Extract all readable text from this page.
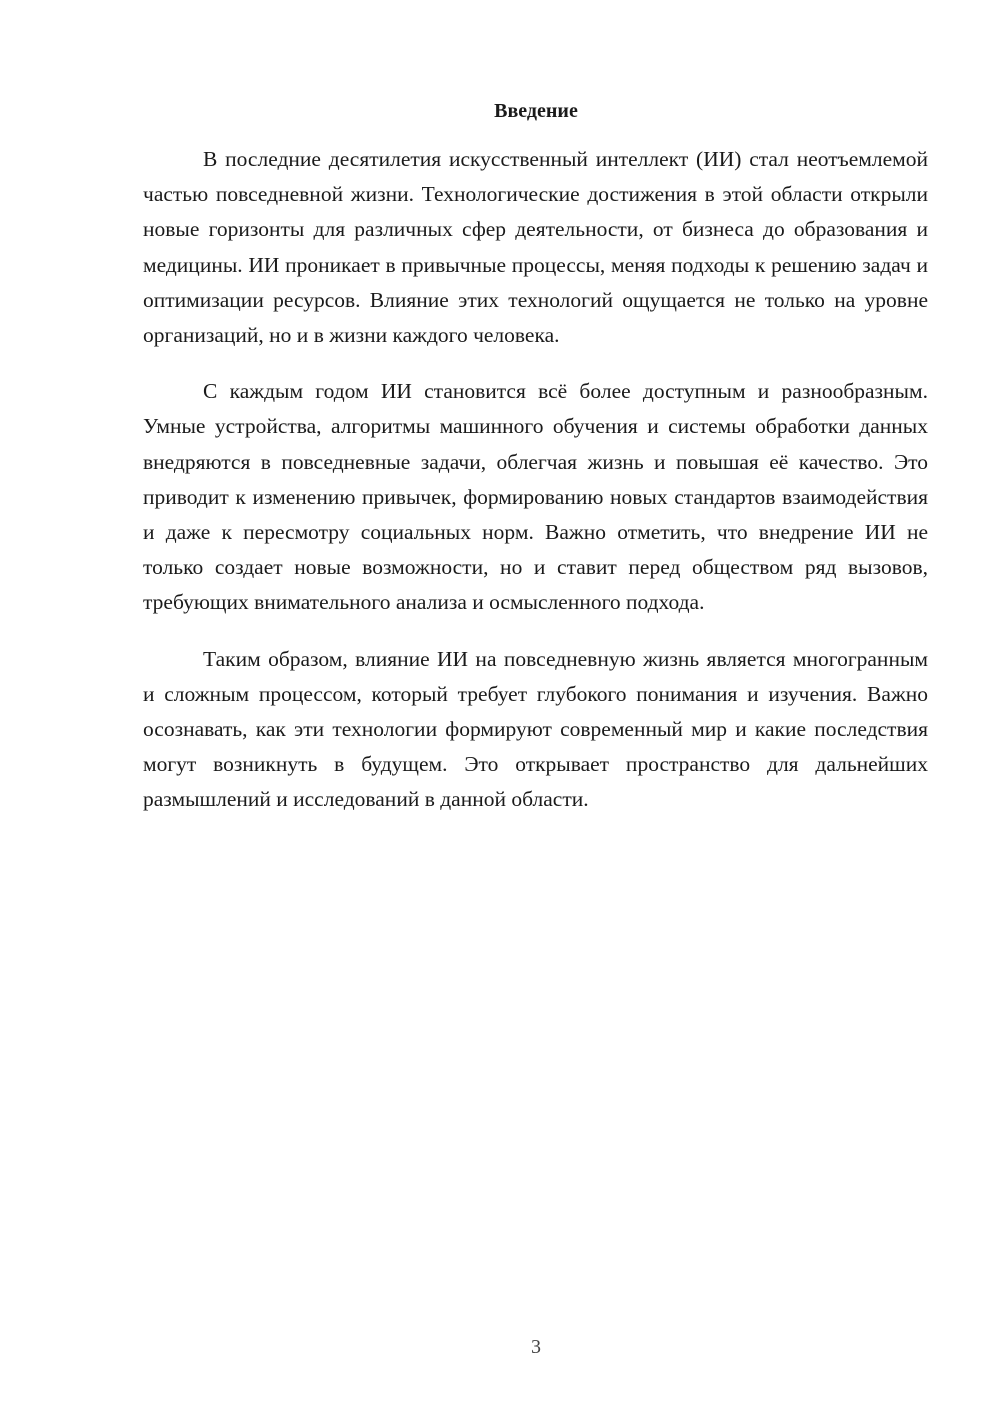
Введение

В последние десятилетия искусственный интеллект (ИИ) стал неотъемлемой частью повседневной жизни. Технологические достижения в этой области открыли новые горизонты для различных сфер деятельности, от бизнеса до образования и медицины. ИИ проникает в привычные процессы, меняя подходы к решению задач и оптимизации ресурсов. Влияние этих технологий ощущается не только на уровне организаций, но и в жизни каждого человека.

С каждым годом ИИ становится всё более доступным и разнообразным. Умные устройства, алгоритмы машинного обучения и системы обработки данных внедряются в повседневные задачи, облегчая жизнь и повышая её качество. Это приводит к изменению привычек, формированию новых стандартов взаимодействия и даже к пересмотру социальных норм. Важно отметить, что внедрение ИИ не только создает новые возможности, но и ставит перед обществом ряд вызовов, требующих внимательного анализа и осмысленного подхода.

Таким образом, влияние ИИ на повседневную жизнь является многогранным и сложным процессом, который требует глубокого понимания и изучения. Важно осознавать, как эти технологии формируют современный мир и какие последствия могут возникнуть в будущем. Это открывает пространство для дальнейших размышлений и исследований в данной области.

3
